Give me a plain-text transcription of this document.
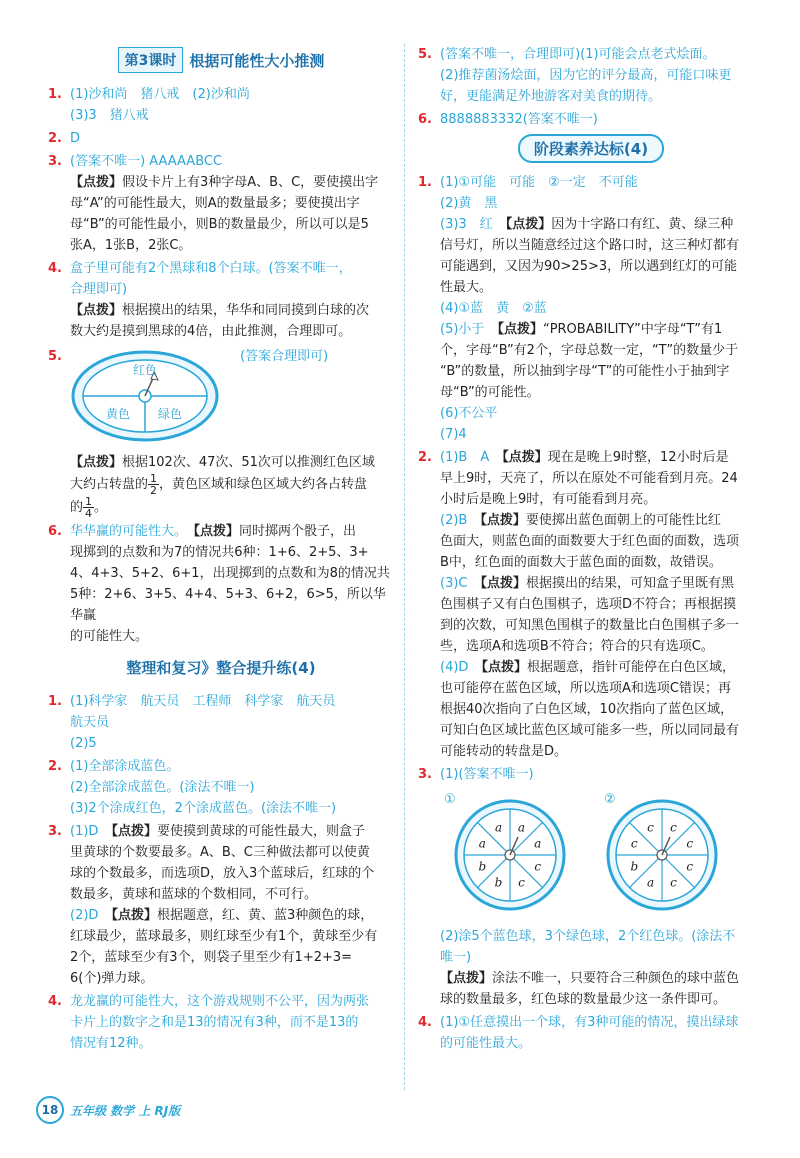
第3课时 根据可能性大小推测
1. (1)沙和尚　猪八戒　(2)沙和尚
(3)3　猪八戒
2. D
3. (答案不唯一) AAAAABCC
【点拨】假设卡片上有3种字母A、B、C，要使摸出字
母“A”的可能性最大，则A的数量最多；要使摸出字
母“B”的可能性最小，则B的数量最少，所以可以是5
张A，1张B，2张C。
4. 盒子里可能有2个黑球和8个白球。(答案不唯一，
合理即可)
【点拨】根据摸出的结果，华华和同同摸到白球的次
数大约是摸到黑球的4倍，由此推测，合理即可。
5.
红色
黄色 绿色
(答案合理即可)
【点拨】根据102次、47次、51次可以推测红色区域
大约占转盘的 $\frac{1}{2}$ ，黄色区域和绿色区域大约各占转盘
的 $\frac{1}{4}$ 。
6. 华华赢的可能性大。　 【点拨】同时掷两个骰子，出
现掷到的点数和为7的情况共6种：1+6、2+5、3+
4、4+3、5+2、6+1，出现掷到的点数和为8的情况共
5种：2+6、3+5、4+4、5+3、6+2，6>5，所以华华赢
的可能性大。
整理和复习》整合提升练(4)
1. (1)科学家　航天员　工程师　科学家　航天员
航天员
(2)5
2. (1)全部涂成蓝色。
(2)全部涂成蓝色。(涂法不唯一)
(3)2个涂成红色，2个涂成蓝色。(涂法不唯一)
3. (1)D　 【点拨】要使摸到黄球的可能性最大，则盒子
里黄球的个数要最多。A、B、C三种做法都可以使黄
球的个数最多，而选项D，放入3个蓝球后，红球的个
数最多，黄球和蓝球的个数相同，不可行。
(2)D　 【点拨】根据题意，红、黄、蓝3种颜色的球，
红球最少，蓝球最多，则红球至少有1个，黄球至少有
2个，蓝球至少有3个，则袋子里至少有1+2+3=
6(个)弹力球。
4. 龙龙赢的可能性大，这个游戏规则不公平，因为两张
卡片上的数字之和是13的情况有3种，而不是13的
情况有12种。
5. (答案不唯一，合理即可)(1)可能会点老式烩面。
(2)推荐菌汤烩面，因为它的评分最高，可能口味更
好，更能满足外地游客对美食的期待。
6. 8888883332(答案不唯一)
阶段素养达标(4)
1. (1)①可能　可能　②一定　不可能
(2)黄　黑
(3)3　红　 【点拨】因为十字路口有红、黄、绿三种
信号灯，所以当随意经过这个路口时，这三种灯都有
可能遇到，又因为90>25>3，所以遇到红灯的可能
性最大。
(4)①蓝　黄　②蓝
(5)小于　 【点拨】“PROBABILITY”中字母“T”有1
个，字母“B”有2个，字母总数一定，“T”的数量少于
“B”的数量，所以抽到字母“T”的可能性小于抽到字
母“B”的可能性。
(6)不公平
(7)4
2. (1)B　A　 【点拨】现在是晚上9时整，12小时后是
早上9时，天亮了，所以在原处不可能看到月亮。24
小时后是晚上9时，有可能看到月亮。
(2)B　 【点拨】要使掷出蓝色面朝上的可能性比红
色面大，则蓝色面的面数要大于红色面的面数，选项
B中，红色面的面数大于蓝色面的面数，故错误。
(3)C　 【点拨】根据摸出的结果，可知盒子里既有黑
色围棋子又有白色围棋子，选项D不符合；再根据摸
到的次数，可知黑色围棋子的数量比白色围棋子多一
些，选项A和选项B不符合；符合的只有选项C。
(4)D　 【点拨】根据题意，指针可能停在白色区域，
也可能停在蓝色区域，所以选项A和选项C错误；再
根据40次指向了白色区域，10次指向了蓝色区域，
可知白色区域比蓝色区域可能多一些，所以同同最有
可能转动的转盘是D。
3. (1)(答案不唯一)
①	②
a
a
c
c
b
b
a
a	c
c
c
c
a
b
c
c
(2)涂5个蓝色球，3个绿色球，2个红色球。(涂法不
唯一)
【点拨】涂法不唯一，只要符合三种颜色的球中蓝色
球的数量最多，红色球的数量最少这一条件即可。
4. (1)①任意摸出一个球，有3种可能的情况，摸出绿球
的可能性最大。
18 五年级 数学 上 RJ版
